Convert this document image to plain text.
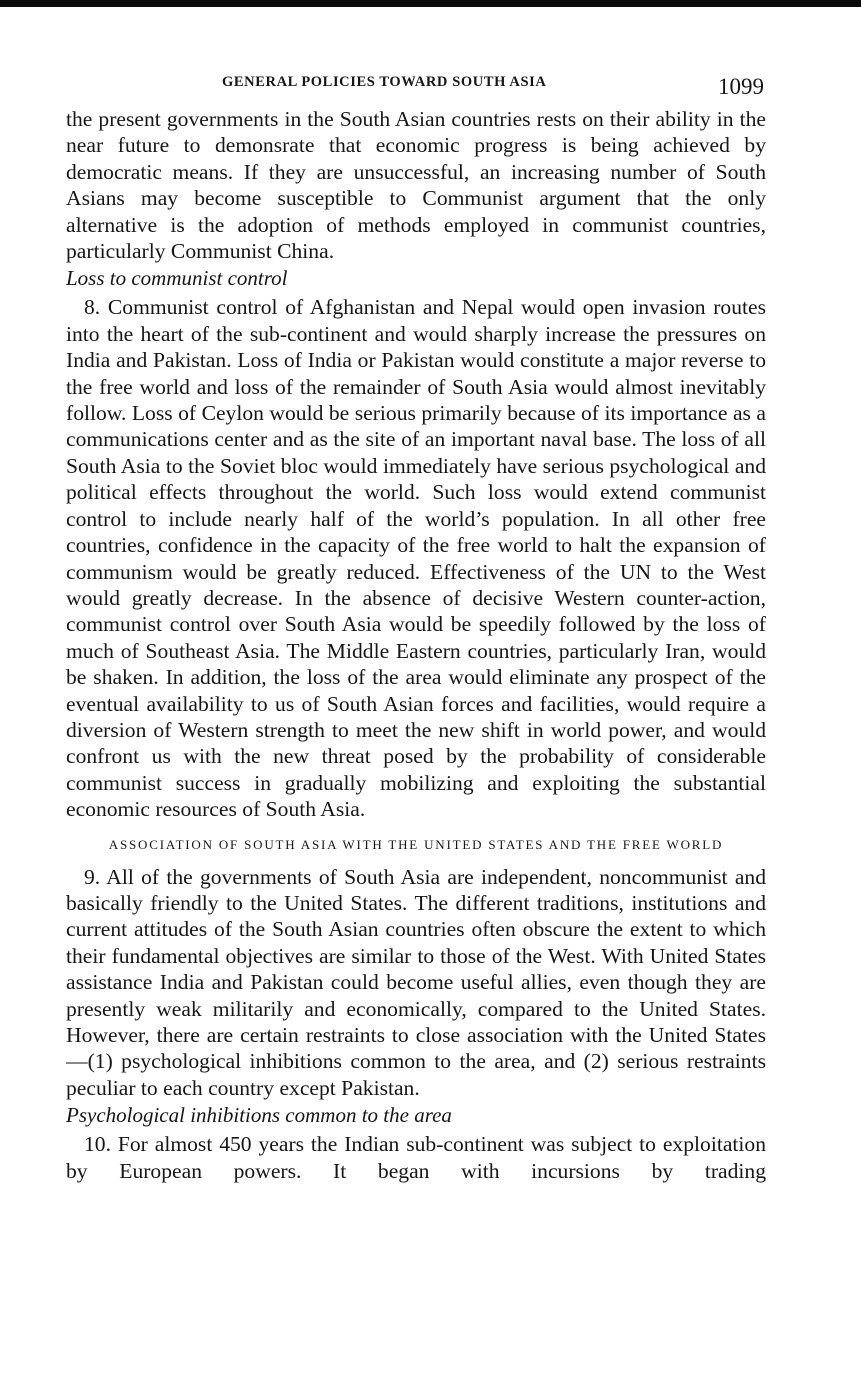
GENERAL POLICIES TOWARD SOUTH ASIA	1099

the present governments in the South Asian countries rests on their ability in the near future to demonsrate that economic progress is being achieved by democratic means. If they are unsuccessful, an increasing number of South Asians may become susceptible to Communist argument that the only alternative is the adoption of methods employed in communist countries, particularly Communist China.

Loss to communist control

8. Communist control of Afghanistan and Nepal would open invasion routes into the heart of the sub-continent and would sharply increase the pressures on India and Pakistan. Loss of India or Pakistan would constitute a major reverse to the free world and loss of the remainder of South Asia would almost inevitably follow. Loss of Ceylon would be serious primarily because of its importance as a communications center and as the site of an important naval base. The loss of all South Asia to the Soviet bloc would immediately have serious psychological and political effects throughout the world. Such loss would extend communist control to include nearly half of the world’s population. In all other free countries, confidence in the capacity of the free world to halt the expansion of communism would be greatly reduced. Effectiveness of the UN to the West would greatly decrease. In the absence of decisive Western counter-action, communist control over South Asia would be speedily followed by the loss of much of Southeast Asia. The Middle Eastern countries, particularly Iran, would be shaken. In addition, the loss of the area would eliminate any prospect of the eventual availability to us of South Asian forces and facilities, would require a diversion of Western strength to meet the new shift in world power, and would confront us with the new threat posed by the probability of considerable communist success in gradually mobilizing and exploiting the substantial economic resources of South Asia.

ASSOCIATION OF SOUTH ASIA WITH THE UNITED STATES AND THE FREE WORLD

9. All of the governments of South Asia are independent, noncommunist and basically friendly to the United States. The different traditions, institutions and current attitudes of the South Asian countries often obscure the extent to which their fundamental objectives are similar to those of the West. With United States assistance India and Pakistan could become useful allies, even though they are presently weak militarily and economically, compared to the United States. However, there are certain restraints to close association with the United States—(1) psychological inhibitions common to the area, and (2) serious restraints peculiar to each country except Pakistan.

Psychological inhibitions common to the area

10. For almost 450 years the Indian sub-continent was subject to exploitation by European powers. It began with incursions by trading
